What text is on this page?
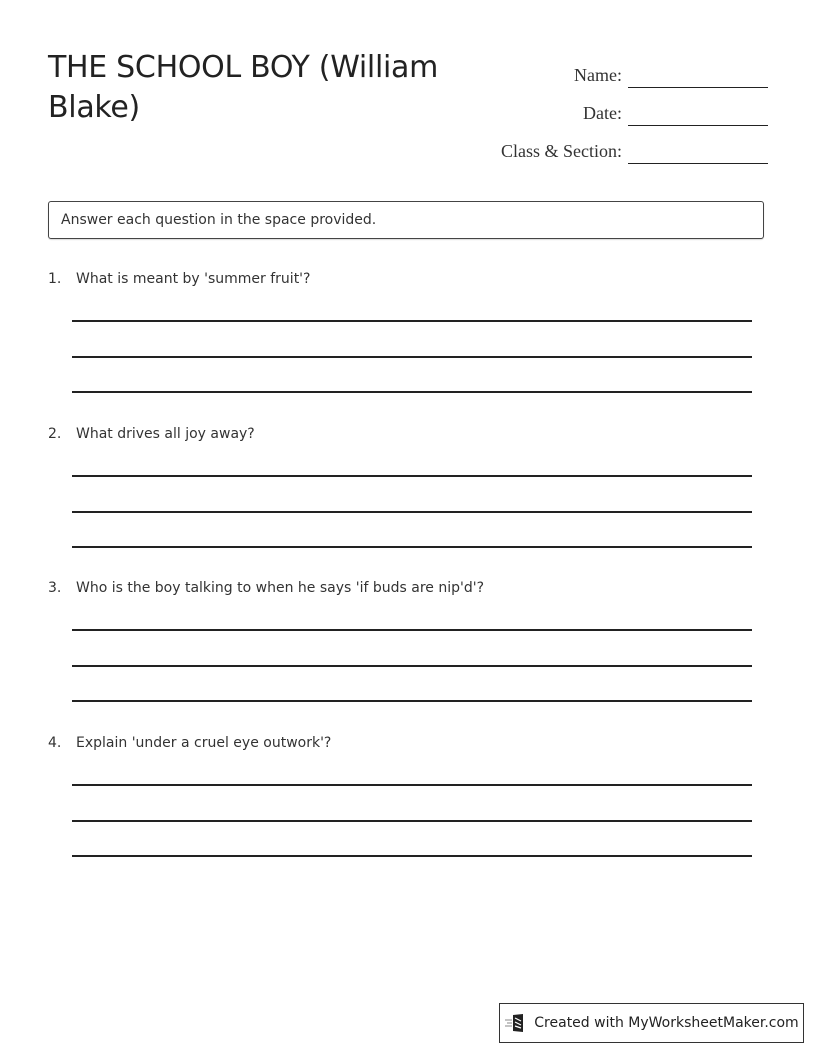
THE SCHOOL BOY (William Blake)
Name:
Date:
Class & Section:
Answer each question in the space provided.
1.	What is meant by 'summer fruit'?
2.	What drives all joy away?
3.	Who is the boy talking to when he says 'if buds are nip'd'?
4.	Explain 'under a cruel eye outwork'?
Created with MyWorksheetMaker.com
